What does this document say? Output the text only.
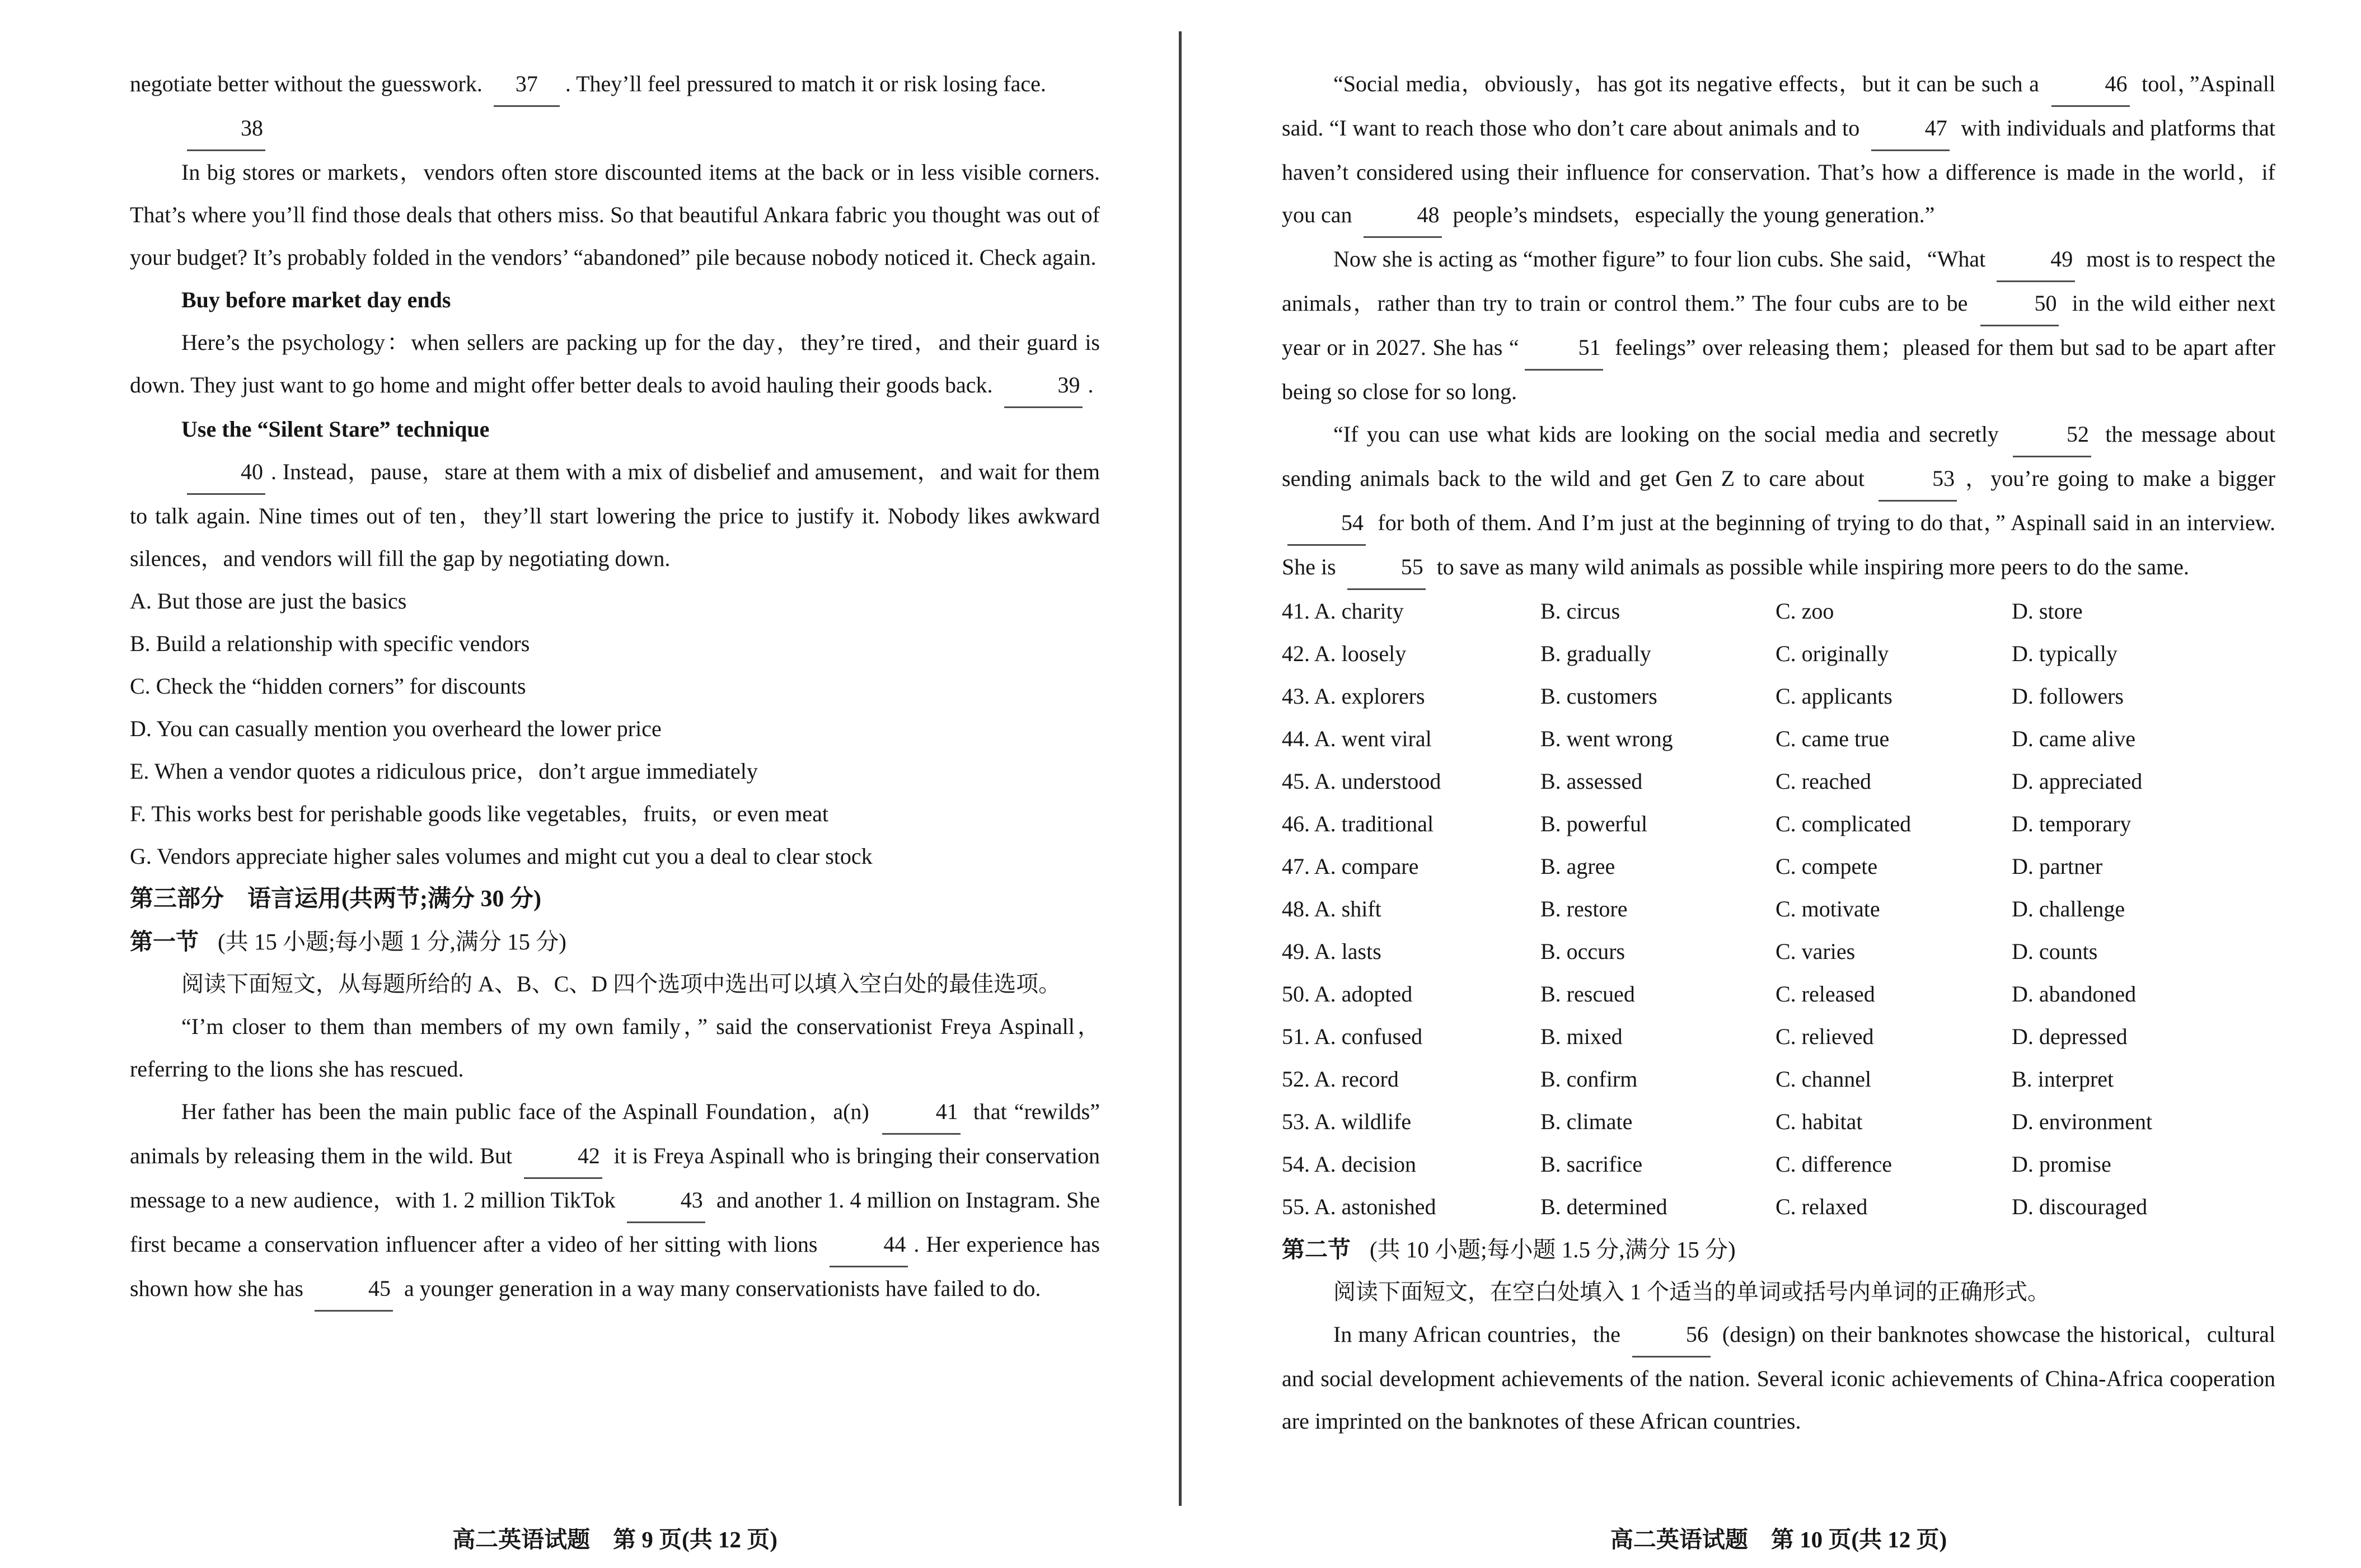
negotiate better without the guesswork. 37 . They’ll feel pressured to match it or risk losing face.

38

In big stores or markets，vendors often store discounted items at the back or in less visible corners. That’s where you’ll find those deals that others miss. So that beautiful Ankara fabric you thought was out of your budget? It’s probably folded in the vendors’ “abandoned” pile because nobody noticed it. Check again.

Buy before market day ends

Here’s the psychology：when sellers are packing up for the day，they’re tired，and their guard is down. They just want to go home and might offer better deals to avoid hauling their goods back.	39 .

Use the “Silent Stare” technique

40 . Instead，pause，stare at them with a mix of disbelief and amusement，and wait for them to talk again. Nine times out of ten，they’ll start lowering the price to justify it. Nobody likes awkward silences，and vendors will fill the gap by negotiating down.

A. But those are just the basics

B. Build a relationship with specific vendors

C. Check the “hidden corners” for discounts

D. You can casually mention you overheard the lower price

E. When a vendor quotes a ridiculous price，don’t argue immediately

F. This works best for perishable goods like vegetables，fruits，or even meat

G. Vendors appreciate higher sales volumes and might cut you a deal to clear stock

第三部分　语言运用(共两节;满分 30 分)

第一节 (共 15 小题;每小题 1 分,满分 15 分)

阅读下面短文，从每题所给的 A、B、C、D 四个选项中选出可以填入空白处的最佳选项。

“I’m closer to them than members of my own family，” said the conservationist Freya Aspinall，referring to the lions she has rescued.

Her father has been the main public face of the Aspinall Foundation，a(n)	41 that “rewilds” animals by releasing them in the wild. But	42 it is Freya Aspinall who is bringing their conservation message to a new audience，with 1. 2 million TikTok	43 and another 1. 4 million on Instagram. She first became a conservation influencer after a video of her sitting with lions	44 . Her experience has shown how she has	45 a younger generation in a way many conservationists have failed to do.

“Social media，obviously，has got its negative effects，but it can be such a	46 tool，”Aspinall said. “I want to reach those who don’t care about animals and to	47 with individuals and platforms that haven’t considered using their influence for conservation. That’s how a difference is made in the world，if you can	48 people’s mindsets，especially the young generation.”

Now she is acting as “mother figure” to four lion cubs. She said，“What	49 most is to respect the animals，rather than try to train or control them.” The four cubs are to be	50 in the wild either next year or in 2027. She has “	51 feelings” over releasing them；pleased for them but sad to be apart after being so close for so long.

“If you can use what kids are looking on the social media and secretly	52 the message about sending animals back to the wild and get Gen Z to care about	53 ，you’re going to make a bigger 54 for both of them. And I’m just at the beginning of trying to do that，” Aspinall said in an interview. She is	55 to save as many wild animals as possible while inspiring more peers to do the same.

41. A. charity	B. circus	C. zoo	D. store
42. A. loosely	B. gradually	C. originally	D. typically
43. A. explorers	B. customers	C. applicants	D. followers
44. A. went viral	B. went wrong	C. came true	D. came alive
45. A. understood	B. assessed	C. reached	D. appreciated
46. A. traditional	B. powerful	C. complicated	D. temporary
47. A. compare	B. agree	C. compete	D. partner
48. A. shift	B. restore	C. motivate	D. challenge
49. A. lasts	B. occurs	C. varies	D. counts
50. A. adopted	B. rescued	C. released	D. abandoned
51. A. confused	B. mixed	C. relieved	D. depressed
52. A. record	B. confirm	C. channel	B. interpret
53. A. wildlife	B. climate	C. habitat	D. environment
54. A. decision	B. sacrifice	C. difference	D. promise
55. A. astonished	B. determined	C. relaxed	D. discouraged

第二节 (共 10 小题;每小题 1.5 分,满分 15 分)

阅读下面短文，在空白处填入 1 个适当的单词或括号内单词的正确形式。

In many African countries，the	56 (design) on their banknotes showcase the historical，cultural and social development achievements of the nation. Several iconic achievements of China-Africa cooperation are imprinted on the banknotes of these African countries.

高二英语试题　第 9 页(共 12 页)	高二英语试题　第 10 页(共 12 页)
